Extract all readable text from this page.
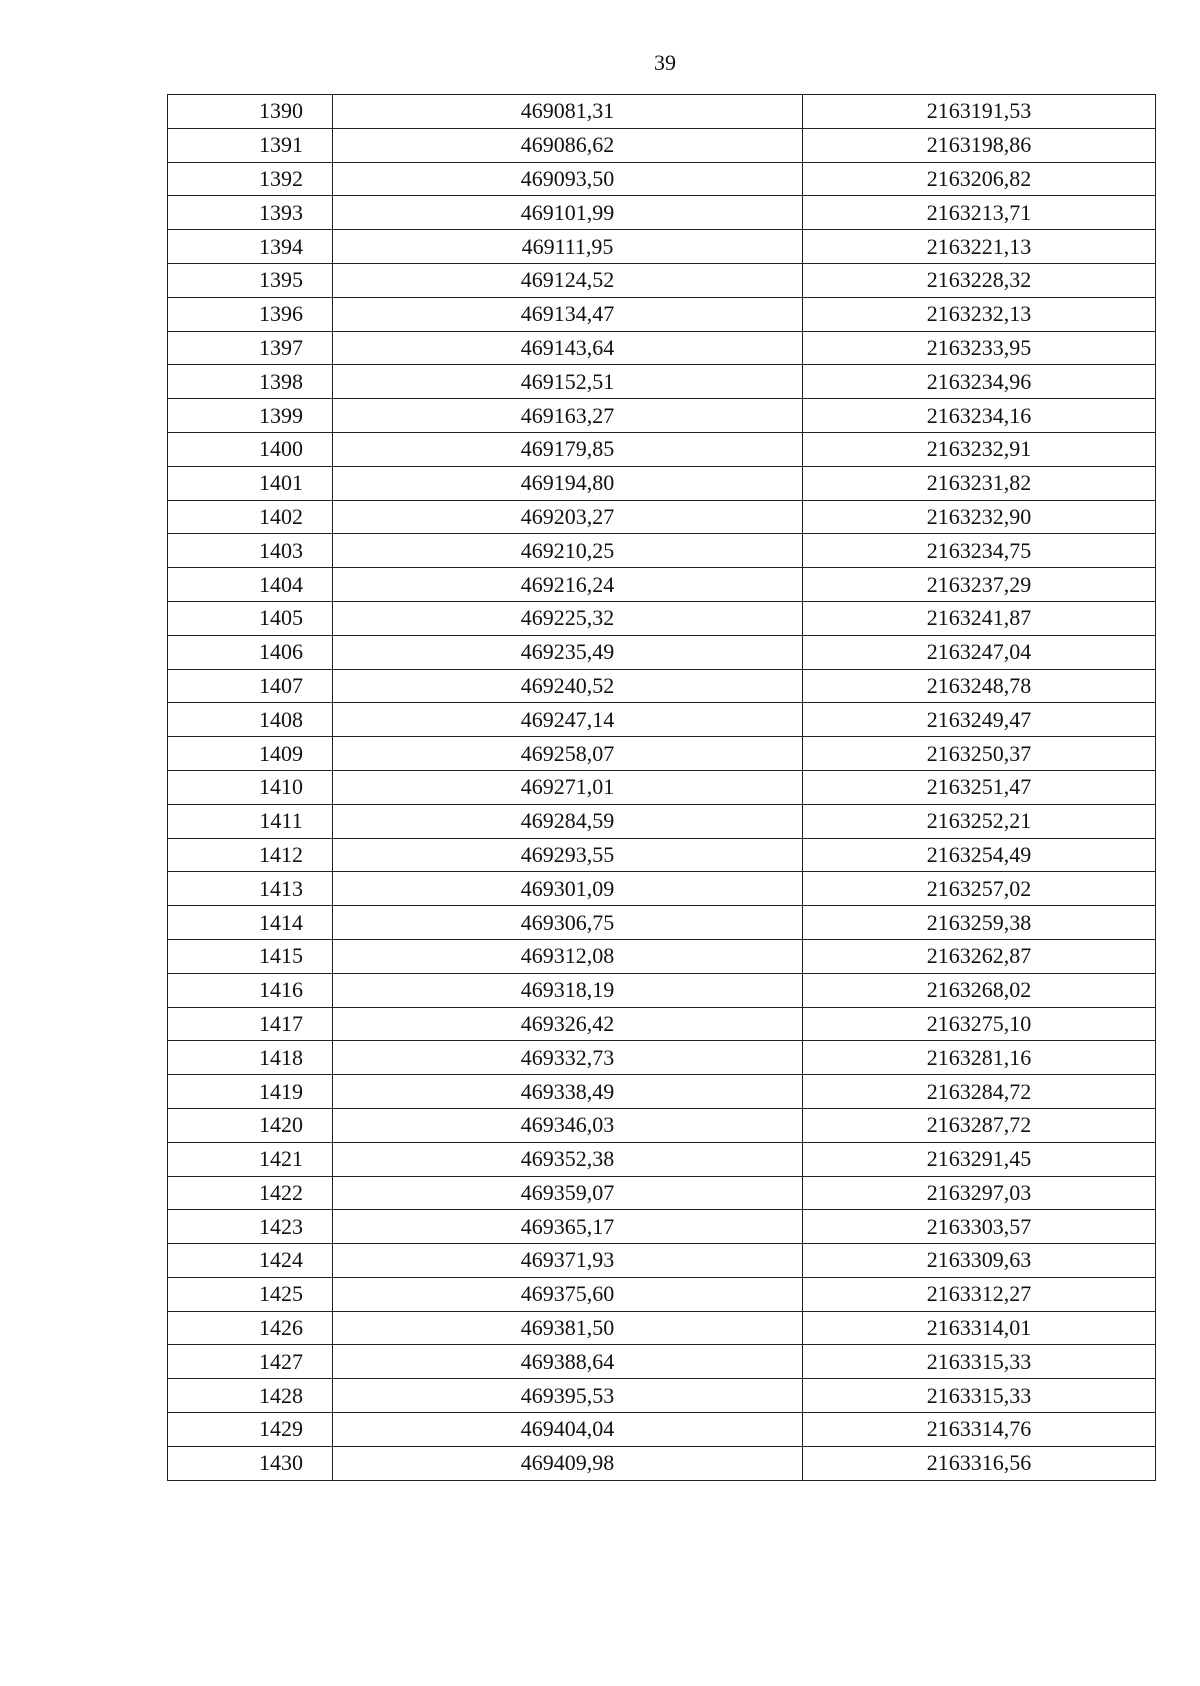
39
1390	469081,31	2163191,53
1391	469086,62	2163198,86
1392	469093,50	2163206,82
1393	469101,99	2163213,71
1394	469111,95	2163221,13
1395	469124,52	2163228,32
1396	469134,47	2163232,13
1397	469143,64	2163233,95
1398	469152,51	2163234,96
1399	469163,27	2163234,16
1400	469179,85	2163232,91
1401	469194,80	2163231,82
1402	469203,27	2163232,90
1403	469210,25	2163234,75
1404	469216,24	2163237,29
1405	469225,32	2163241,87
1406	469235,49	2163247,04
1407	469240,52	2163248,78
1408	469247,14	2163249,47
1409	469258,07	2163250,37
1410	469271,01	2163251,47
1411	469284,59	2163252,21
1412	469293,55	2163254,49
1413	469301,09	2163257,02
1414	469306,75	2163259,38
1415	469312,08	2163262,87
1416	469318,19	2163268,02
1417	469326,42	2163275,10
1418	469332,73	2163281,16
1419	469338,49	2163284,72
1420	469346,03	2163287,72
1421	469352,38	2163291,45
1422	469359,07	2163297,03
1423	469365,17	2163303,57
1424	469371,93	2163309,63
1425	469375,60	2163312,27
1426	469381,50	2163314,01
1427	469388,64	2163315,33
1428	469395,53	2163315,33
1429	469404,04	2163314,76
1430	469409,98	2163316,56
